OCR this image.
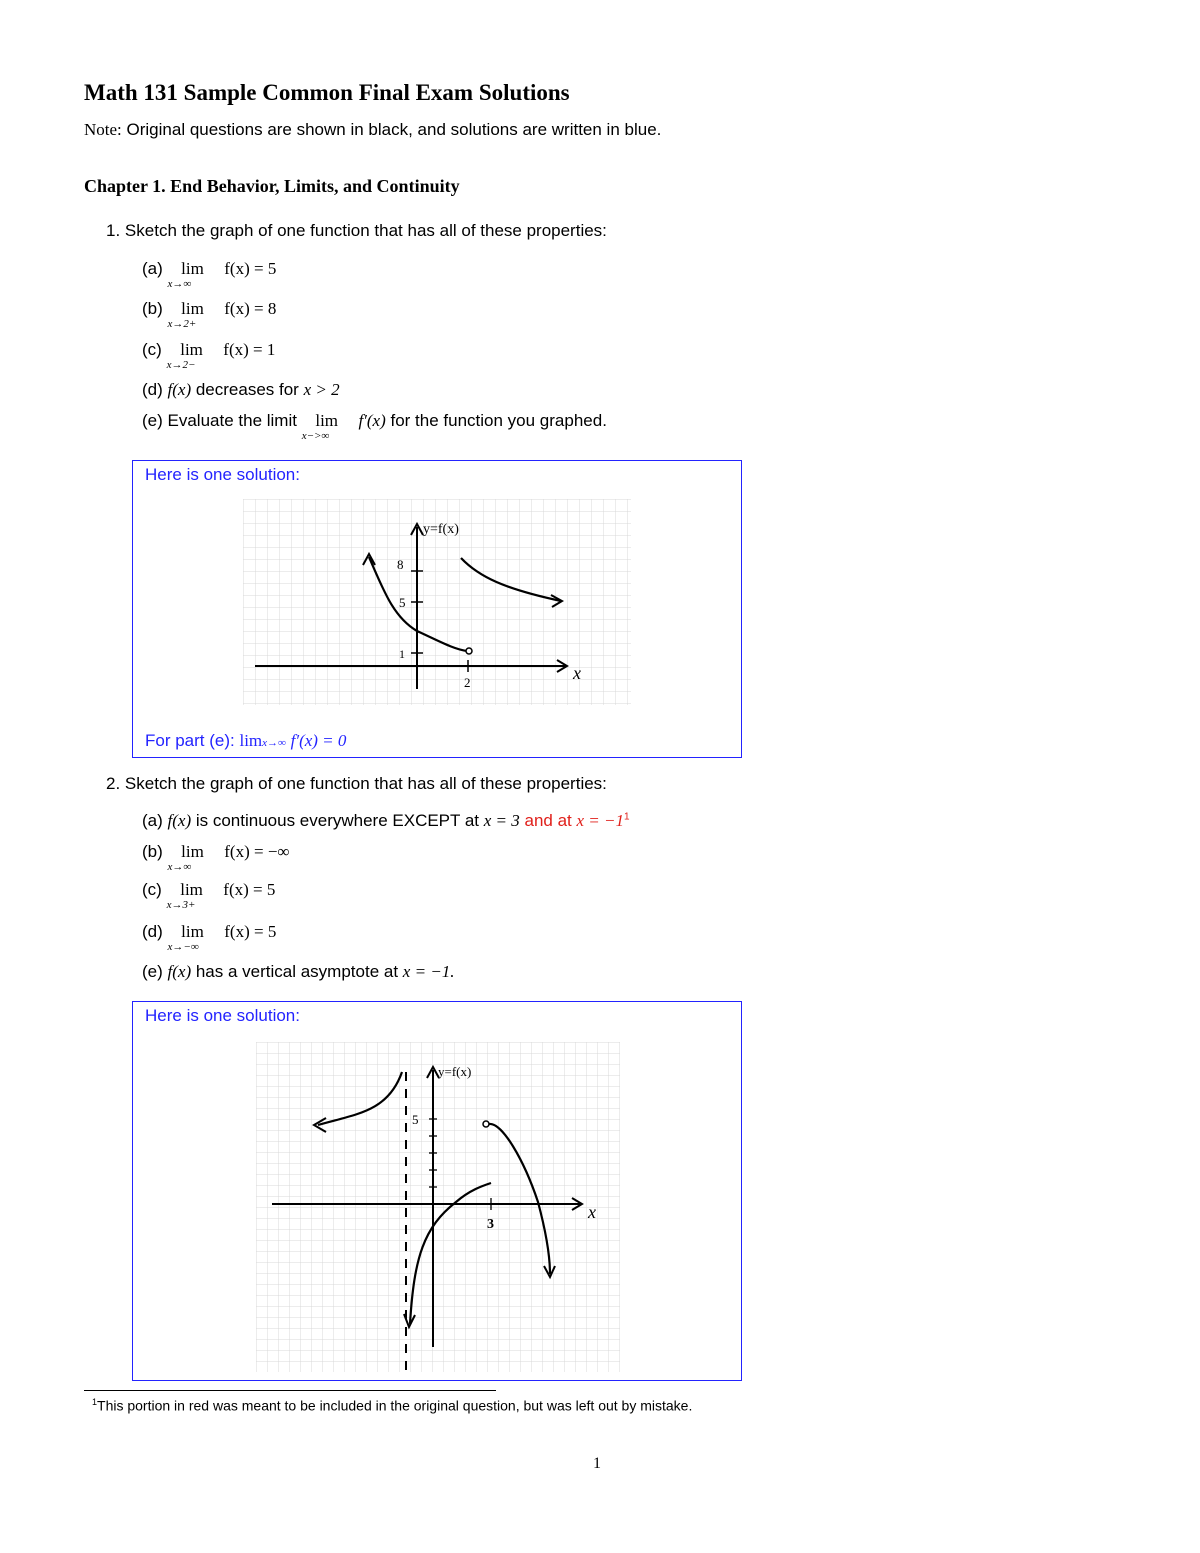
Math 131 Sample Common Final Exam Solutions
Note: Original questions are shown in black, and solutions are written in blue.
Chapter 1. End Behavior, Limits, and Continuity
1. Sketch the graph of one function that has all of these properties:
(a) lim
x→∞
f(x) = 5
(b) lim
x→2+
f(x) = 8
(c) lim
x→2−
f(x) = 1
(d) f(x) decreases for x > 2
(e) Evaluate the limit lim
x−>∞
f′(x) for the function you graphed.
Here is one solution:
y=f(x)
x
8
5
1
2
For part (e): limx→∞ f′(x) = 0
2. Sketch the graph of one function that has all of these properties:
(a) f(x) is continuous everywhere EXCEPT at x = 3 and at $x = -1^1$
(b) lim
x→∞
f(x) = −∞
(c) lim
x→3+
f(x) = 5
(d) lim
x→−∞
f(x) = 5
(e) f(x) has a vertical asymptote at x = −1.
Here is one solution:
y=f(x)
x
5
3
$^1$This portion in red was meant to be included in the original question, but was left out by mistake.
1
